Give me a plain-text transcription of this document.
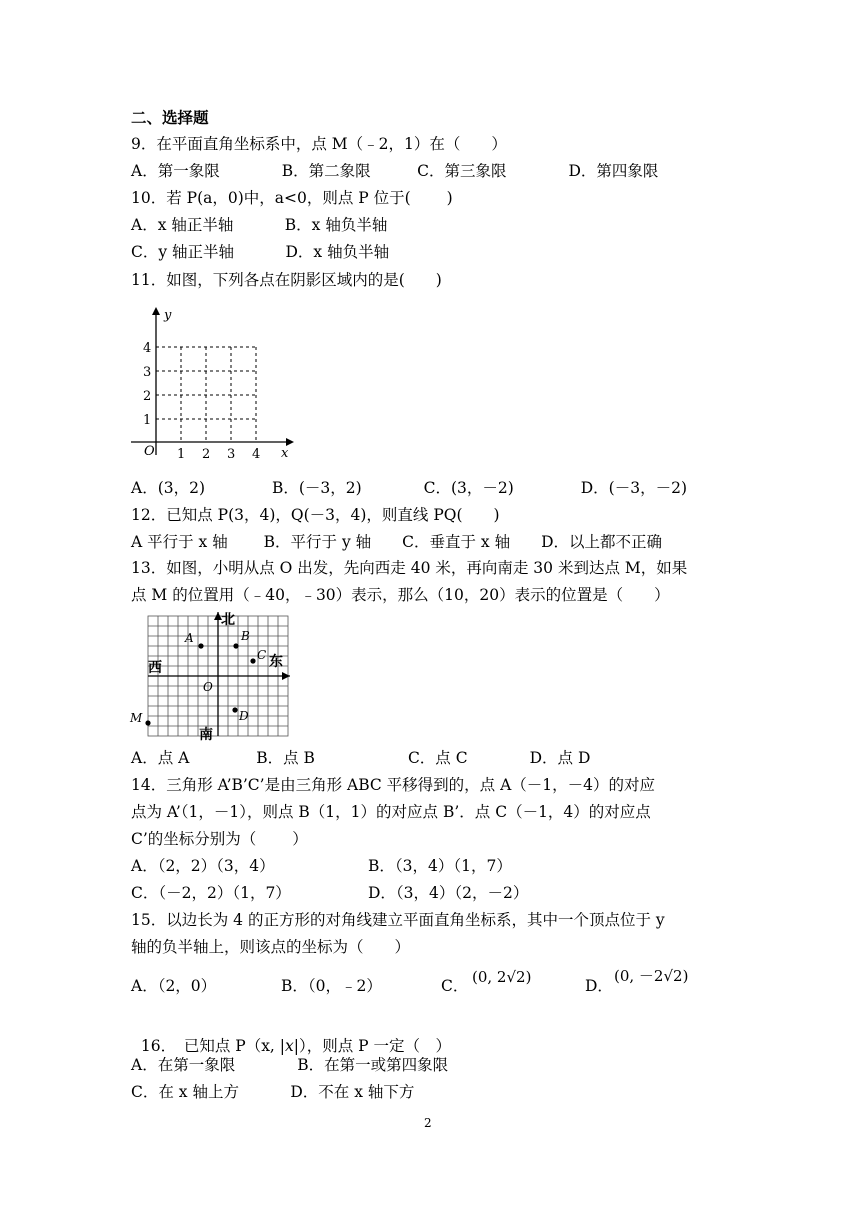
二、选择题
9．在平面直角坐标系中，点 M（﹣2，1）在（　　）
A．第一象限　　　　B．第二象限　　　C．第三象限　　　　D．第四象限
10．若 P(a，0)中，a<0，则点 P 位于(　　 )
A．x 轴正半轴　　　 B．x 轴负半轴
C．y 轴正半轴　　　 D．x 轴负半轴
11．如图，下列各点在阴影区域内的是(　　)
y
x
O 1 2 3 4
1
2
3
4
A．(3，2)　　　　 B．(－3，2)　　　　C．(3，－2)　　　　 D．(－3，－2)
12．已知点 P(3，4)，Q(－3，4)，则直线 PQ(　　)
A 平行于 x 轴　　 B．平行于 y 轴　　C．垂直于 x 轴　　D．以上都不正确
13．如图，小明从点 O 出发，先向西走 40 米，再向南走 30 米到达点 M，如果
点 M 的位置用（﹣40，﹣30）表示，那么（10，20）表示的位置是（　　）
北
南
西	东
O
A	B
C
D
M
A．点 A　　　　 B．点 B　　　　　　C．点 C　　　　D．点 D
14．三角形 A’B’C’是由三角形 ABC 平移得到的，点 A（－1，－4）的对应
点为 A’（1，－1），则点 B（1，1）的对应点 B’．点 C（－1，4）的对应点
C’的坐标分别为（　　 ）
A．（2，2）（3，4）	B．（3，4）（1，7）
C．（－2，2）（1，7）	D．（3，4）（2，－2）
15．以边长为 4 的正方形的对角线建立平面直角坐标系，其中一个顶点位于 y
轴的负半轴上，则该点的坐标为（　　）
A．（2，0）	B．（0，﹣2）	C． (0, 2√2)	D．
(0, －2√2)

16．　已知点 P（x, |x|），则点 P 一定（　）

A．在第一象限　　　　B．在第一或第四象限
C．在 x 轴上方　　　 D．不在 x 轴下方
2
